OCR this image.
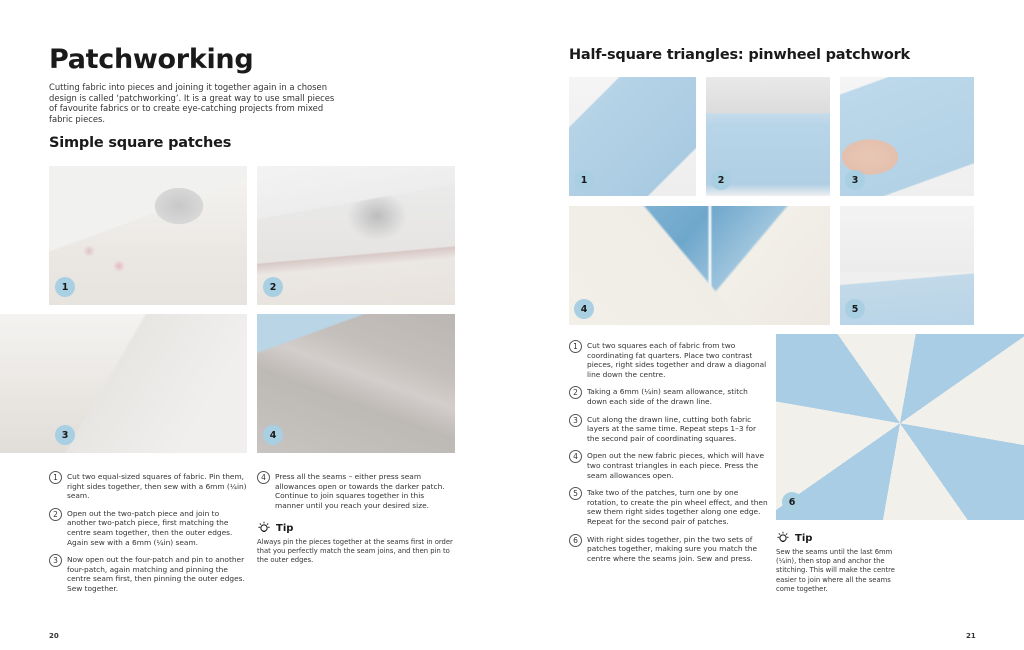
Patchworking

Cutting fabric into pieces and joining it together again in a chosen design is called ‘patchworking’. It is a great way to use small pieces of favourite fabrics or to create eye-catching projects from mixed fabric pieces.

Simple square patches
1	2
3	4
1	Cut two equal-sized squares of fabric. Pin them, right sides together, then sew with a 6mm (¼in) seam.
2	Open out the two-patch piece and join to another two-patch piece, first matching the centre seam together, then the outer edges. Again sew with a 6mm (¼in) seam.
3	Now open out the four-patch and pin to another four-patch, again matching and pinning the centre seam first, then pinning the outer edges. Sew together.
4	Press all the seams – either press seam allowances open or towards the darker patch. Continue to join squares together in this manner until you reach your desired size.
Tip

Always pin the pieces together at the seams first in order that you perfectly match the seam joins, and then pin to the outer edges.

20
Half-square triangles: pinwheel patchwork
1	2	3
4	5
6
1	Cut two squares each of fabric from two coordinating fat quarters. Place two contrast pieces, right sides together and draw a diagonal line down the centre.
2	Taking a 6mm (¼in) seam allowance, stitch down each side of the drawn line.
3	Cut along the drawn line, cutting both fabric layers at the same time. Repeat steps 1–3 for the second pair of coordinating squares.
4	Open out the new fabric pieces, which will have two contrast triangles in each piece. Press the seam allowances open.
5	Take two of the patches, turn one by one rotation, to create the pin wheel effect, and then sew them right sides together along one edge. Repeat for the second pair of patches.
6	With right sides together, pin the two sets of patches together, making sure you match the centre where the seams join. Sew and press.
Tip

Sew the seams until the last 6mm (¼in), then stop and anchor the stitching. This will make the centre easier to join where all the seams come together.

21
